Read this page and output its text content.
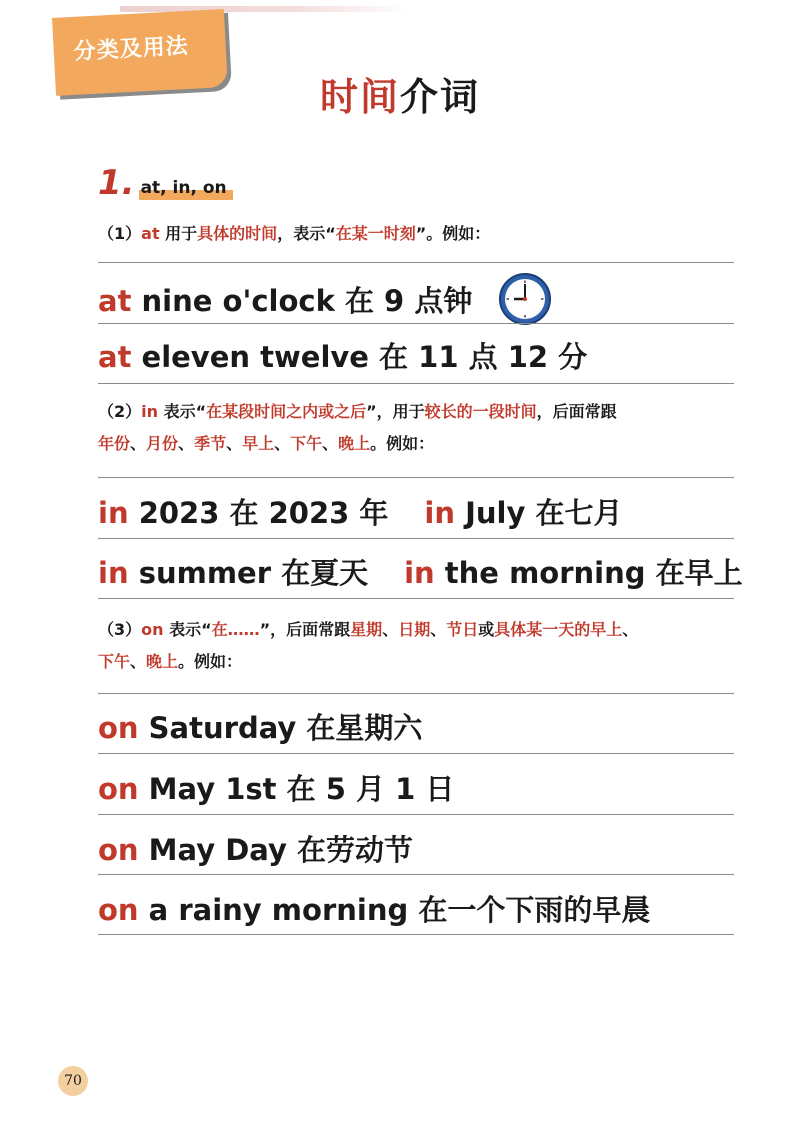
分类及用法
时间介词
1. at, in, on
（1）at 用于具体的时间，表示“在某一时刻”。例如：
at nine o'clock 在 9 点钟
at eleven twelve 在 11 点 12 分
（2）in 表示“在某段时间之内或之后”，用于较长的一段时间，后面常跟
年份、月份、季节、早上、下午、晚上。例如：
in 2023 在 2023 年 in July 在七月
in summer 在夏天 in the morning 在早上
（3）on 表示“在……”，后面常跟星期、日期、节日或具体某一天的早上、
下午、晚上。例如：
on Saturday 在星期六
on May 1st 在 5 月 1 日
on May Day 在劳动节
on a rainy morning 在一个下雨的早晨
70
